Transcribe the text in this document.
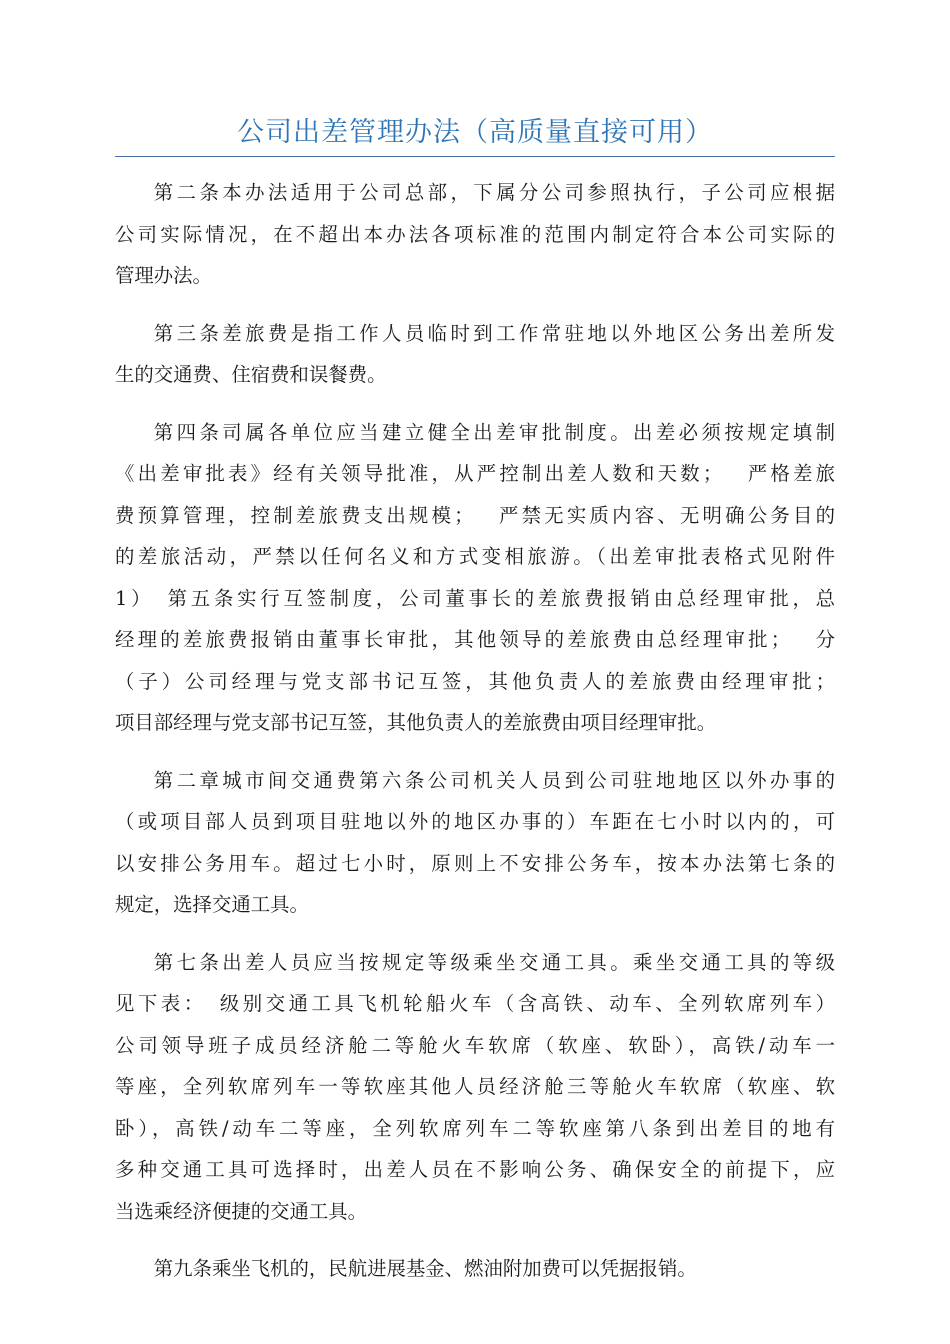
公司出差管理办法（高质量直接可用）
第二条本办法适用于公司总部，下属分公司参照执行，子公司应根据
公司实际情况，在不超出本办法各项标准的范围内制定符合本公司实际的
管理办法。
第三条差旅费是指工作人员临时到工作常驻地以外地区公务出差所发
生的交通费、住宿费和误餐费。
第四条司属各单位应当建立健全出差审批制度。出差必须按规定填制
《出差审批表》经有关领导批准，从严控制出差人数和天数；　 严格差旅
费预算管理，控制差旅费支出规模；　 严禁无实质内容、无明确公务目的
的差旅活动，严禁以任何名义和方式变相旅游。（出差审批表格式见附件
1）　第五条实行互签制度，公司董事长的差旅费报销由总经理审批，总
经理的差旅费报销由董事长审批，其他领导的差旅费由总经理审批；　 分
（子）公司经理与党支部书记互签，其他负责人的差旅费由经理审批；
项目部经理与党支部书记互签，其他负责人的差旅费由项目经理审批。
第二章城市间交通费第六条公司机关人员到公司驻地地区以外办事的
（或项目部人员到项目驻地以外的地区办事的）车距在七小时以内的，可
以安排公务用车。超过七小时，原则上不安排公务车，按本办法第七条的
规定，选择交通工具。
第七条出差人员应当按规定等级乘坐交通工具。乘坐交通工具的等级
见下表：　级别交通工具飞机轮船火车（含高铁、动车、全列软席列车）
公司领导班子成员经济舱二等舱火车软席（软座、软卧），高铁/动车一
等座，全列软席列车一等软座其他人员经济舱三等舱火车软席（软座、软
卧），高铁/动车二等座，全列软席列车二等软座第八条到出差目的地有
多种交通工具可选择时，出差人员在不影响公务、确保安全的前提下，应
当选乘经济便捷的交通工具。
第九条乘坐飞机的，民航进展基金、燃油附加费可以凭据报销。
